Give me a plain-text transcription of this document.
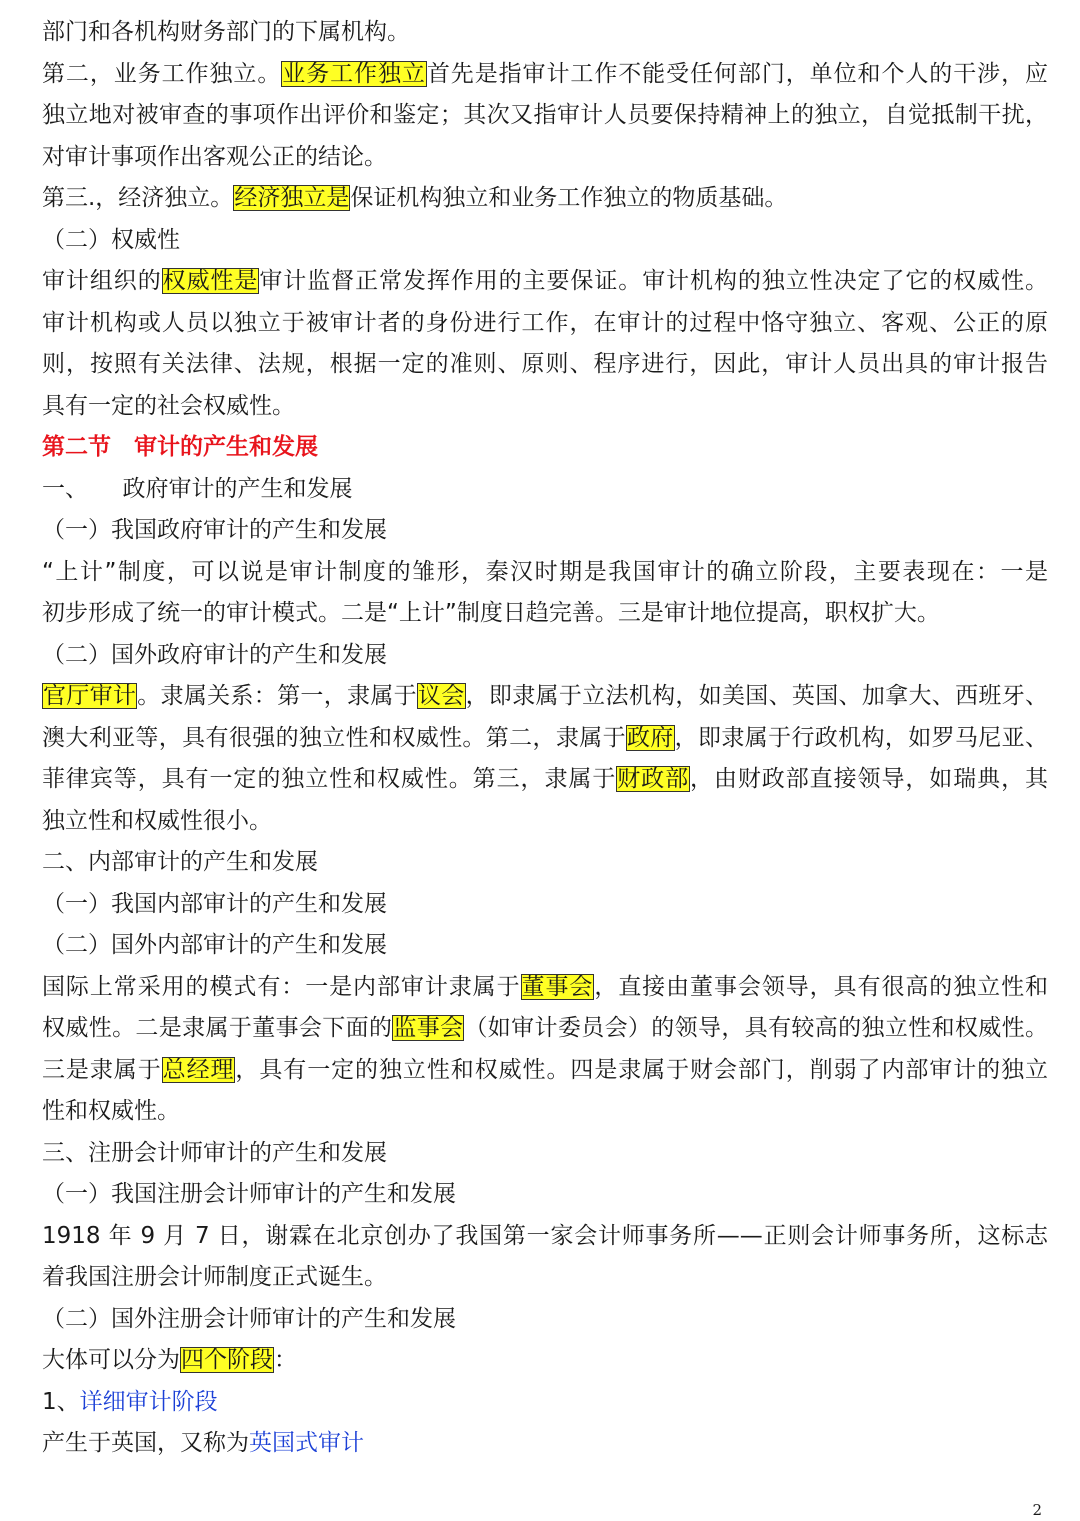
部门和各机构财务部门的下属机构。
第二，业务工作独立。业务工作独立首先是指审计工作不能受任何部门，单位和个人的干涉，应
独立地对被审查的事项作出评价和鉴定；其次又指审计人员要保持精神上的独立，自觉抵制干扰，
对审计事项作出客观公正的结论。
第三.，经济独立。经济独立是保证机构独立和业务工作独立的物质基础。
（二）权威性
审计组织的权威性是审计监督正常发挥作用的主要保证。审计机构的独立性决定了它的权威性。
审计机构或人员以独立于被审计者的身份进行工作，在审计的过程中恪守独立、客观、公正的原
则，按照有关法律、法规，根据一定的准则、原则、程序进行，因此，审计人员出具的审计报告
具有一定的社会权威性。
第二节　审计的产生和发展
一、　　政府审计的产生和发展
（一）我国政府审计的产生和发展
“上计”制度，可以说是审计制度的雏形，秦汉时期是我国审计的确立阶段，主要表现在：一是
初步形成了统一的审计模式。二是“上计”制度日趋完善。三是审计地位提高，职权扩大。
（二）国外政府审计的产生和发展
官厅审计。隶属关系：第一，隶属于议会，即隶属于立法机构，如美国、英国、加拿大、西班牙、
澳大利亚等，具有很强的独立性和权威性。第二，隶属于政府，即隶属于行政机构，如罗马尼亚、
菲律宾等，具有一定的独立性和权威性。第三，隶属于财政部，由财政部直接领导，如瑞典，其
独立性和权威性很小。
二、内部审计的产生和发展
（一）我国内部审计的产生和发展
（二）国外内部审计的产生和发展
国际上常采用的模式有：一是内部审计隶属于董事会，直接由董事会领导，具有很高的独立性和
权威性。二是隶属于董事会下面的监事会（如审计委员会）的领导，具有较高的独立性和权威性。
三是隶属于总经理，具有一定的独立性和权威性。四是隶属于财会部门，削弱了内部审计的独立
性和权威性。
三、注册会计师审计的产生和发展
（一）我国注册会计师审计的产生和发展
1918 年 9 月 7 日，谢霖在北京创办了我国第一家会计师事务所——正则会计师事务所，这标志
着我国注册会计师制度正式诞生。
（二）国外注册会计师审计的产生和发展
大体可以分为四个阶段：
1、详细审计阶段
产生于英国，又称为英国式审计
2
